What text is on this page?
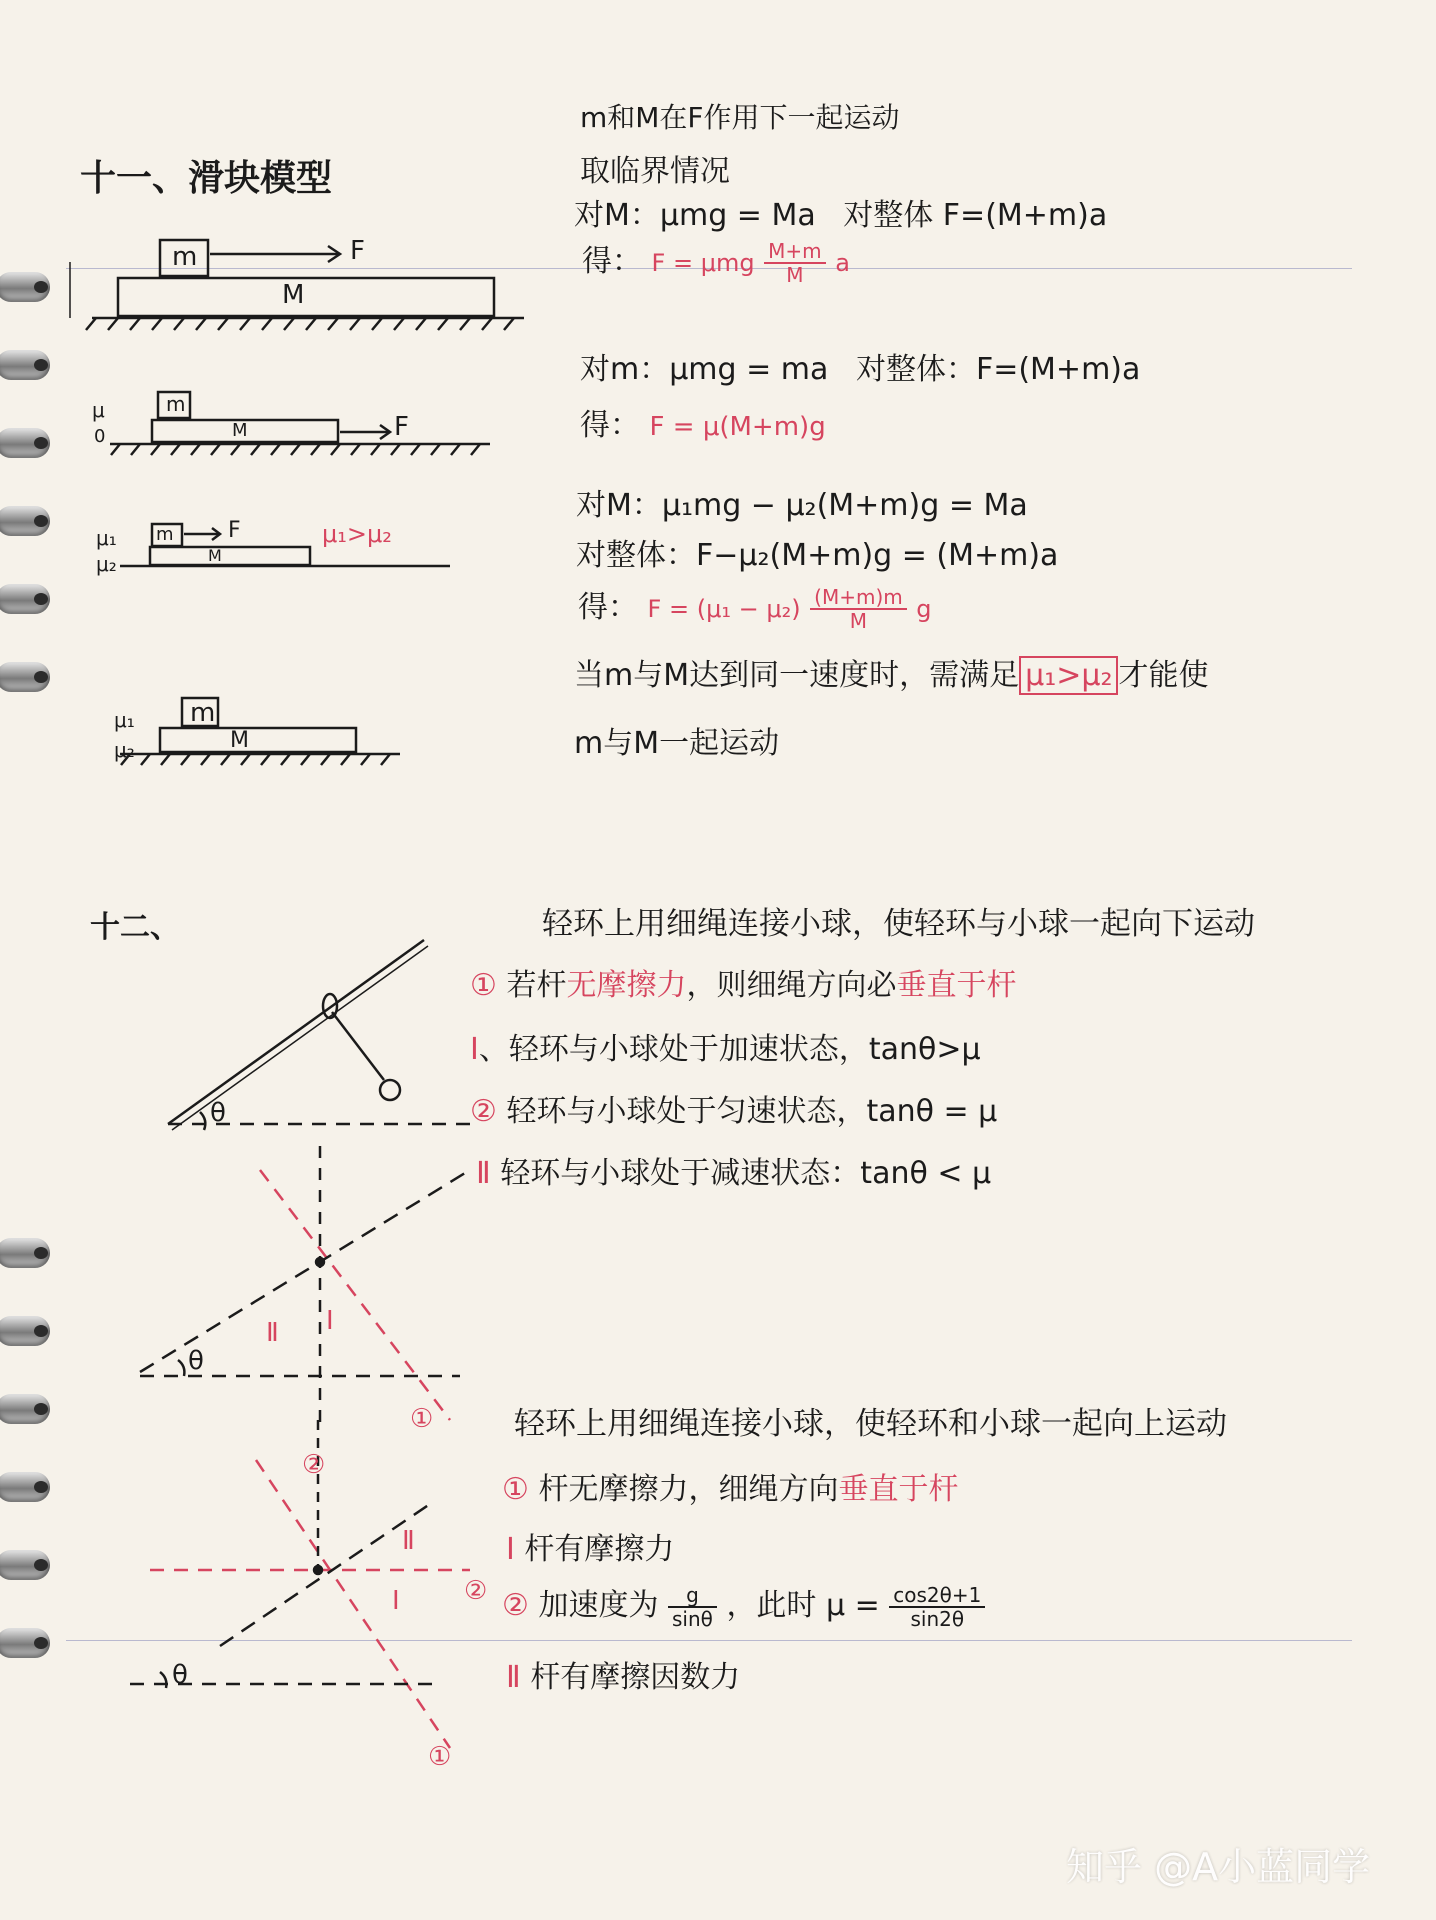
m	F
M
m
M	F
μ
0
m F
M
μ₁
μ₂
μ₁>μ₂
m
M
μ₁
μ₂
十一、滑块模型
m和M在F作用下一起运动
取临界情况
对M：μmg = Ma 对整体 F=(M+m)a
得： F = μmg $\frac{M+m}{M}$ a
对m：μmg = ma 对整体：F=(M+m)a
得： F = μ(M+m)g
对M：μ₁mg − μ₂(M+m)g = Ma
对整体：F−μ₂(M+m)g = (M+m)a
得： $F = (\mu_1 - \mu_2) \frac{(M+m)m}{M}$ g
当m与M达到同一速度时，需满足 μ₁>μ₂ 才能使
m与M一起运动
十二、	轻环上用细绳连接小球，使轻环与小球一起向下运动
① 若杆无摩擦力，则细绳方向必垂直于杆
Ⅰ、轻环与小球处于加速状态，tanθ>μ
② 轻环与小球处于匀速状态，tanθ = μ
Ⅱ 轻环与小球处于减速状态：tanθ < μ
轻环上用细绳连接小球，使轻环和小球一起向上运动
① 杆无摩擦力，细绳方向垂直于杆
Ⅰ 杆有摩擦力
② 加速度为 $\frac{g}{\sin\theta}$ ，此时 $\mu = \frac{\cos 2\theta+1}{\sin 2\theta}$
Ⅱ 杆有摩擦因数力
θ
θ
θ
Ⅱ Ⅰ
①
②
Ⅱ
Ⅰ ②
①
知乎 @A小蓝同学
